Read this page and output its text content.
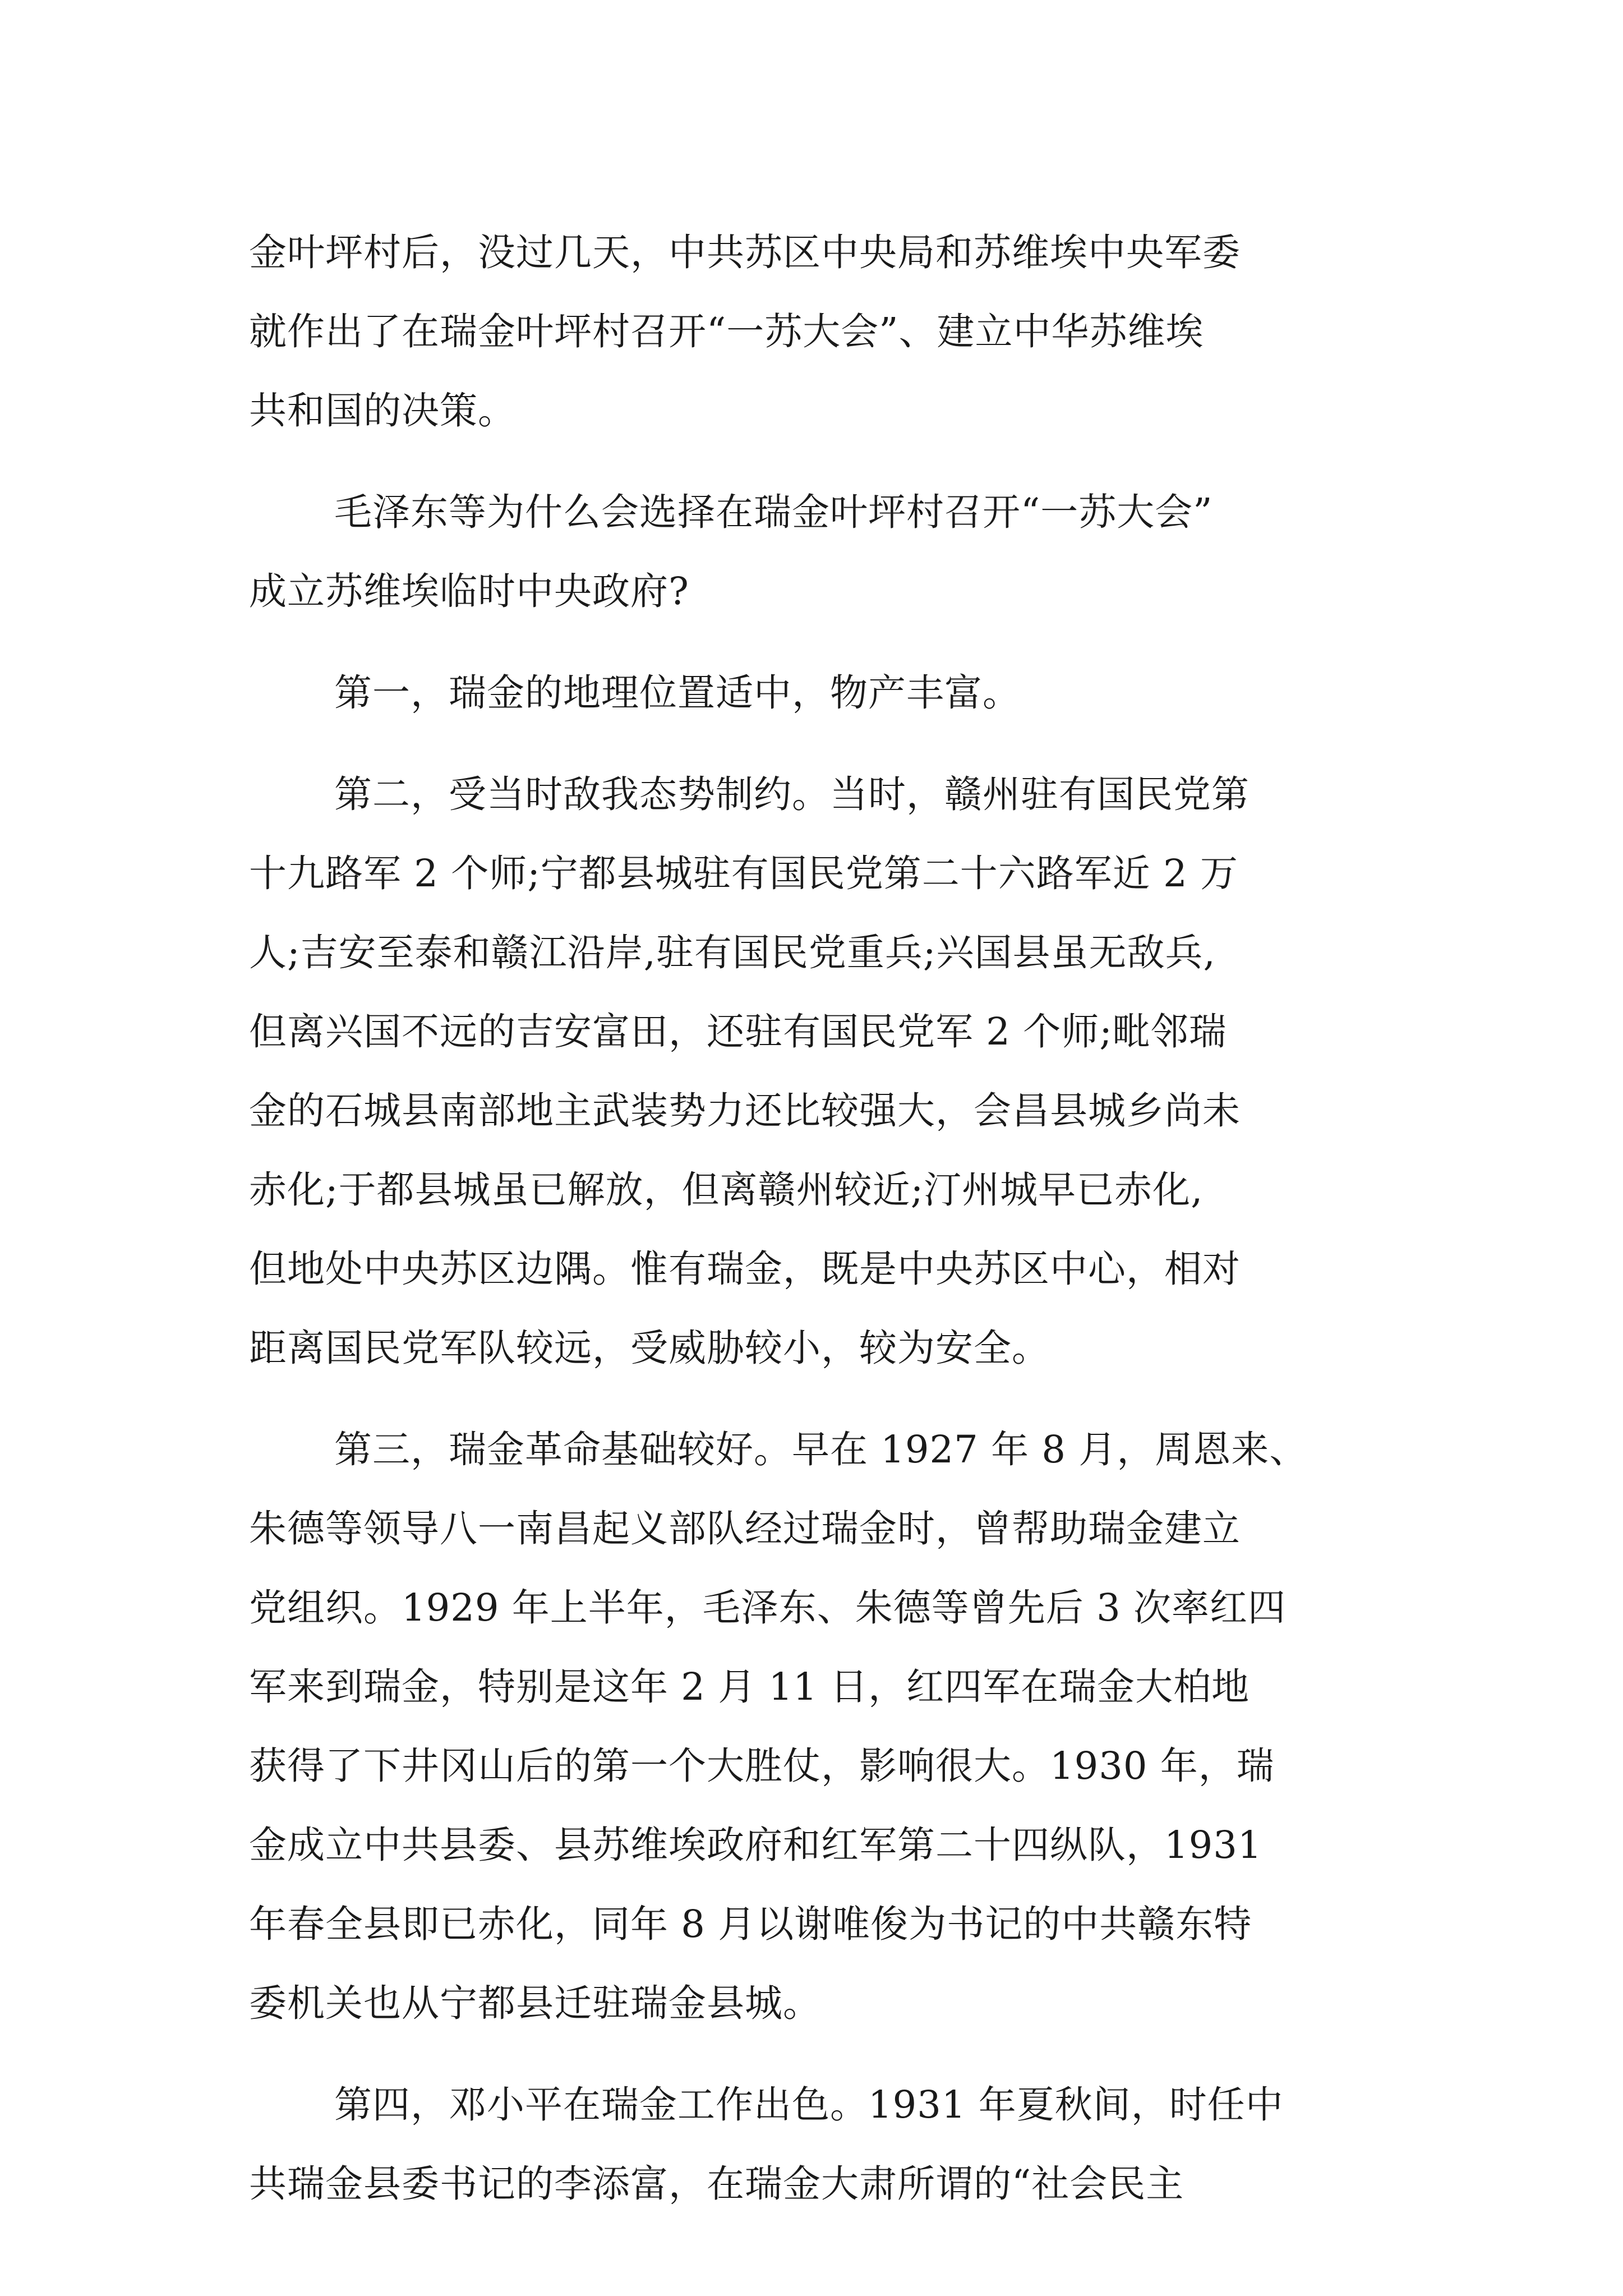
金叶坪村后，没过几天，中共苏区中央局和苏维埃中央军委
就作出了在瑞金叶坪村召开“一苏大会”、建立中华苏维埃
共和国的决策。

毛泽东等为什么会选择在瑞金叶坪村召开“一苏大会”
成立苏维埃临时中央政府?

第一，瑞金的地理位置适中，物产丰富。

第二，受当时敌我态势制约。当时，赣州驻有国民党第
十九路军 2 个师;宁都县城驻有国民党第二十六路军近 2 万
人;吉安至泰和赣江沿岸,驻有国民党重兵;兴国县虽无敌兵,
但离兴国不远的吉安富田，还驻有国民党军 2 个师;毗邻瑞
金的石城县南部地主武装势力还比较强大，会昌县城乡尚未
赤化;于都县城虽已解放，但离赣州较近;汀州城早已赤化,
但地处中央苏区边隅。惟有瑞金，既是中央苏区中心，相对
距离国民党军队较远，受威胁较小，较为安全。

第三，瑞金革命基础较好。早在 1927 年 8 月，周恩来、
朱德等领导八一南昌起义部队经过瑞金时，曾帮助瑞金建立
党组织。1929 年上半年，毛泽东、朱德等曾先后 3 次率红四
军来到瑞金，特别是这年 2 月 11 日，红四军在瑞金大柏地
获得了下井冈山后的第一个大胜仗，影响很大。1930 年，瑞
金成立中共县委、县苏维埃政府和红军第二十四纵队，1931
年春全县即已赤化，同年 8 月以谢唯俊为书记的中共赣东特
委机关也从宁都县迁驻瑞金县城。

第四，邓小平在瑞金工作出色。1931 年夏秋间，时任中
共瑞金县委书记的李添富，在瑞金大肃所谓的“社会民主
